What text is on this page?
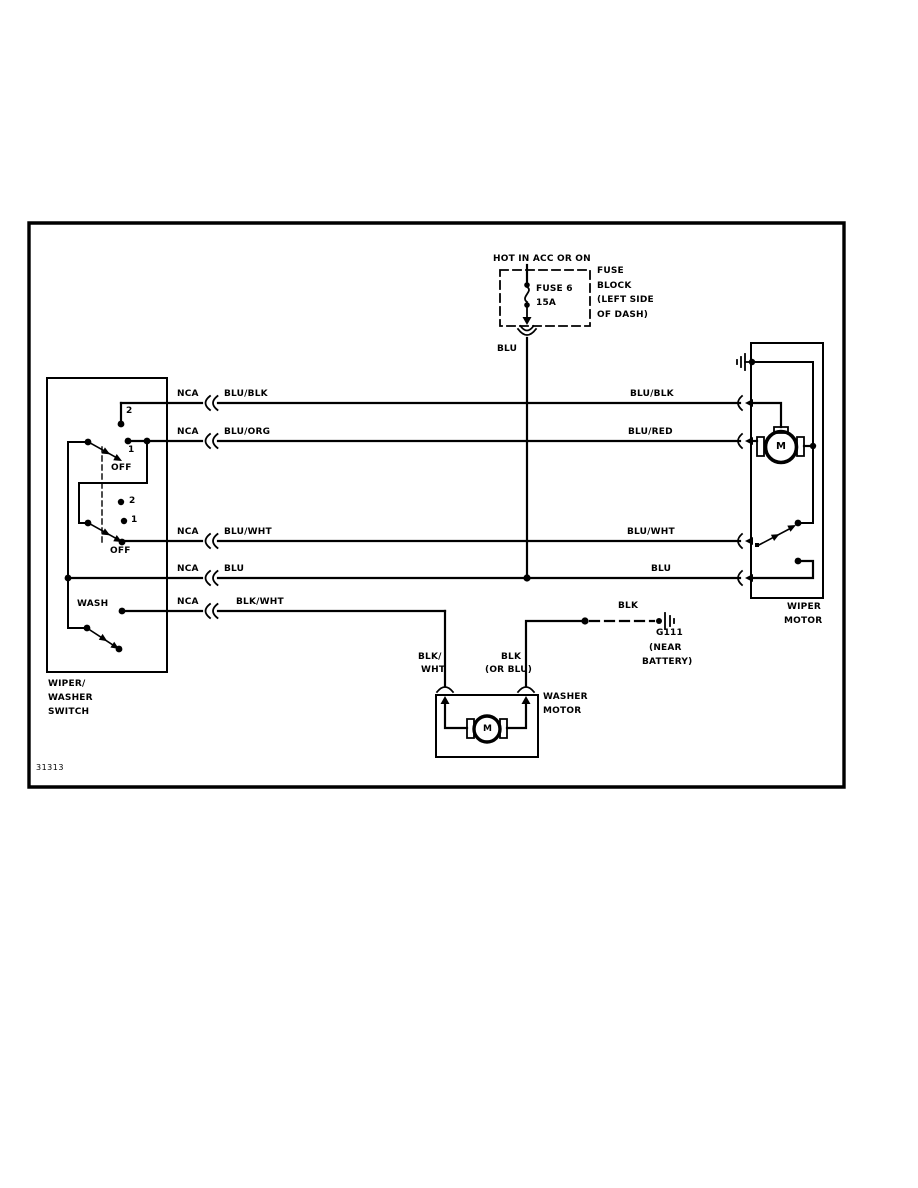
HOT IN ACC OR ON
FUSE 6
15A
FUSE
BLOCK
(LEFT SIDE
OF DASH)
BLU
NCA
NCA
NCA
NCA
NCA
BLU/BLK
BLU/ORG
BLU/WHT
BLU
BLK/WHT
BLU/BLK
BLU/RED
BLU/WHT
BLU
2
1
OFF
2
1
OFF
WASH
WIPER/
WASHER
SWITCH
WIPER
MOTOR
M
BLK/
WHT
BLK
(OR BLU)
WASHER
MOTOR
M
BLK
G111
(NEAR
BATTERY)
31313
